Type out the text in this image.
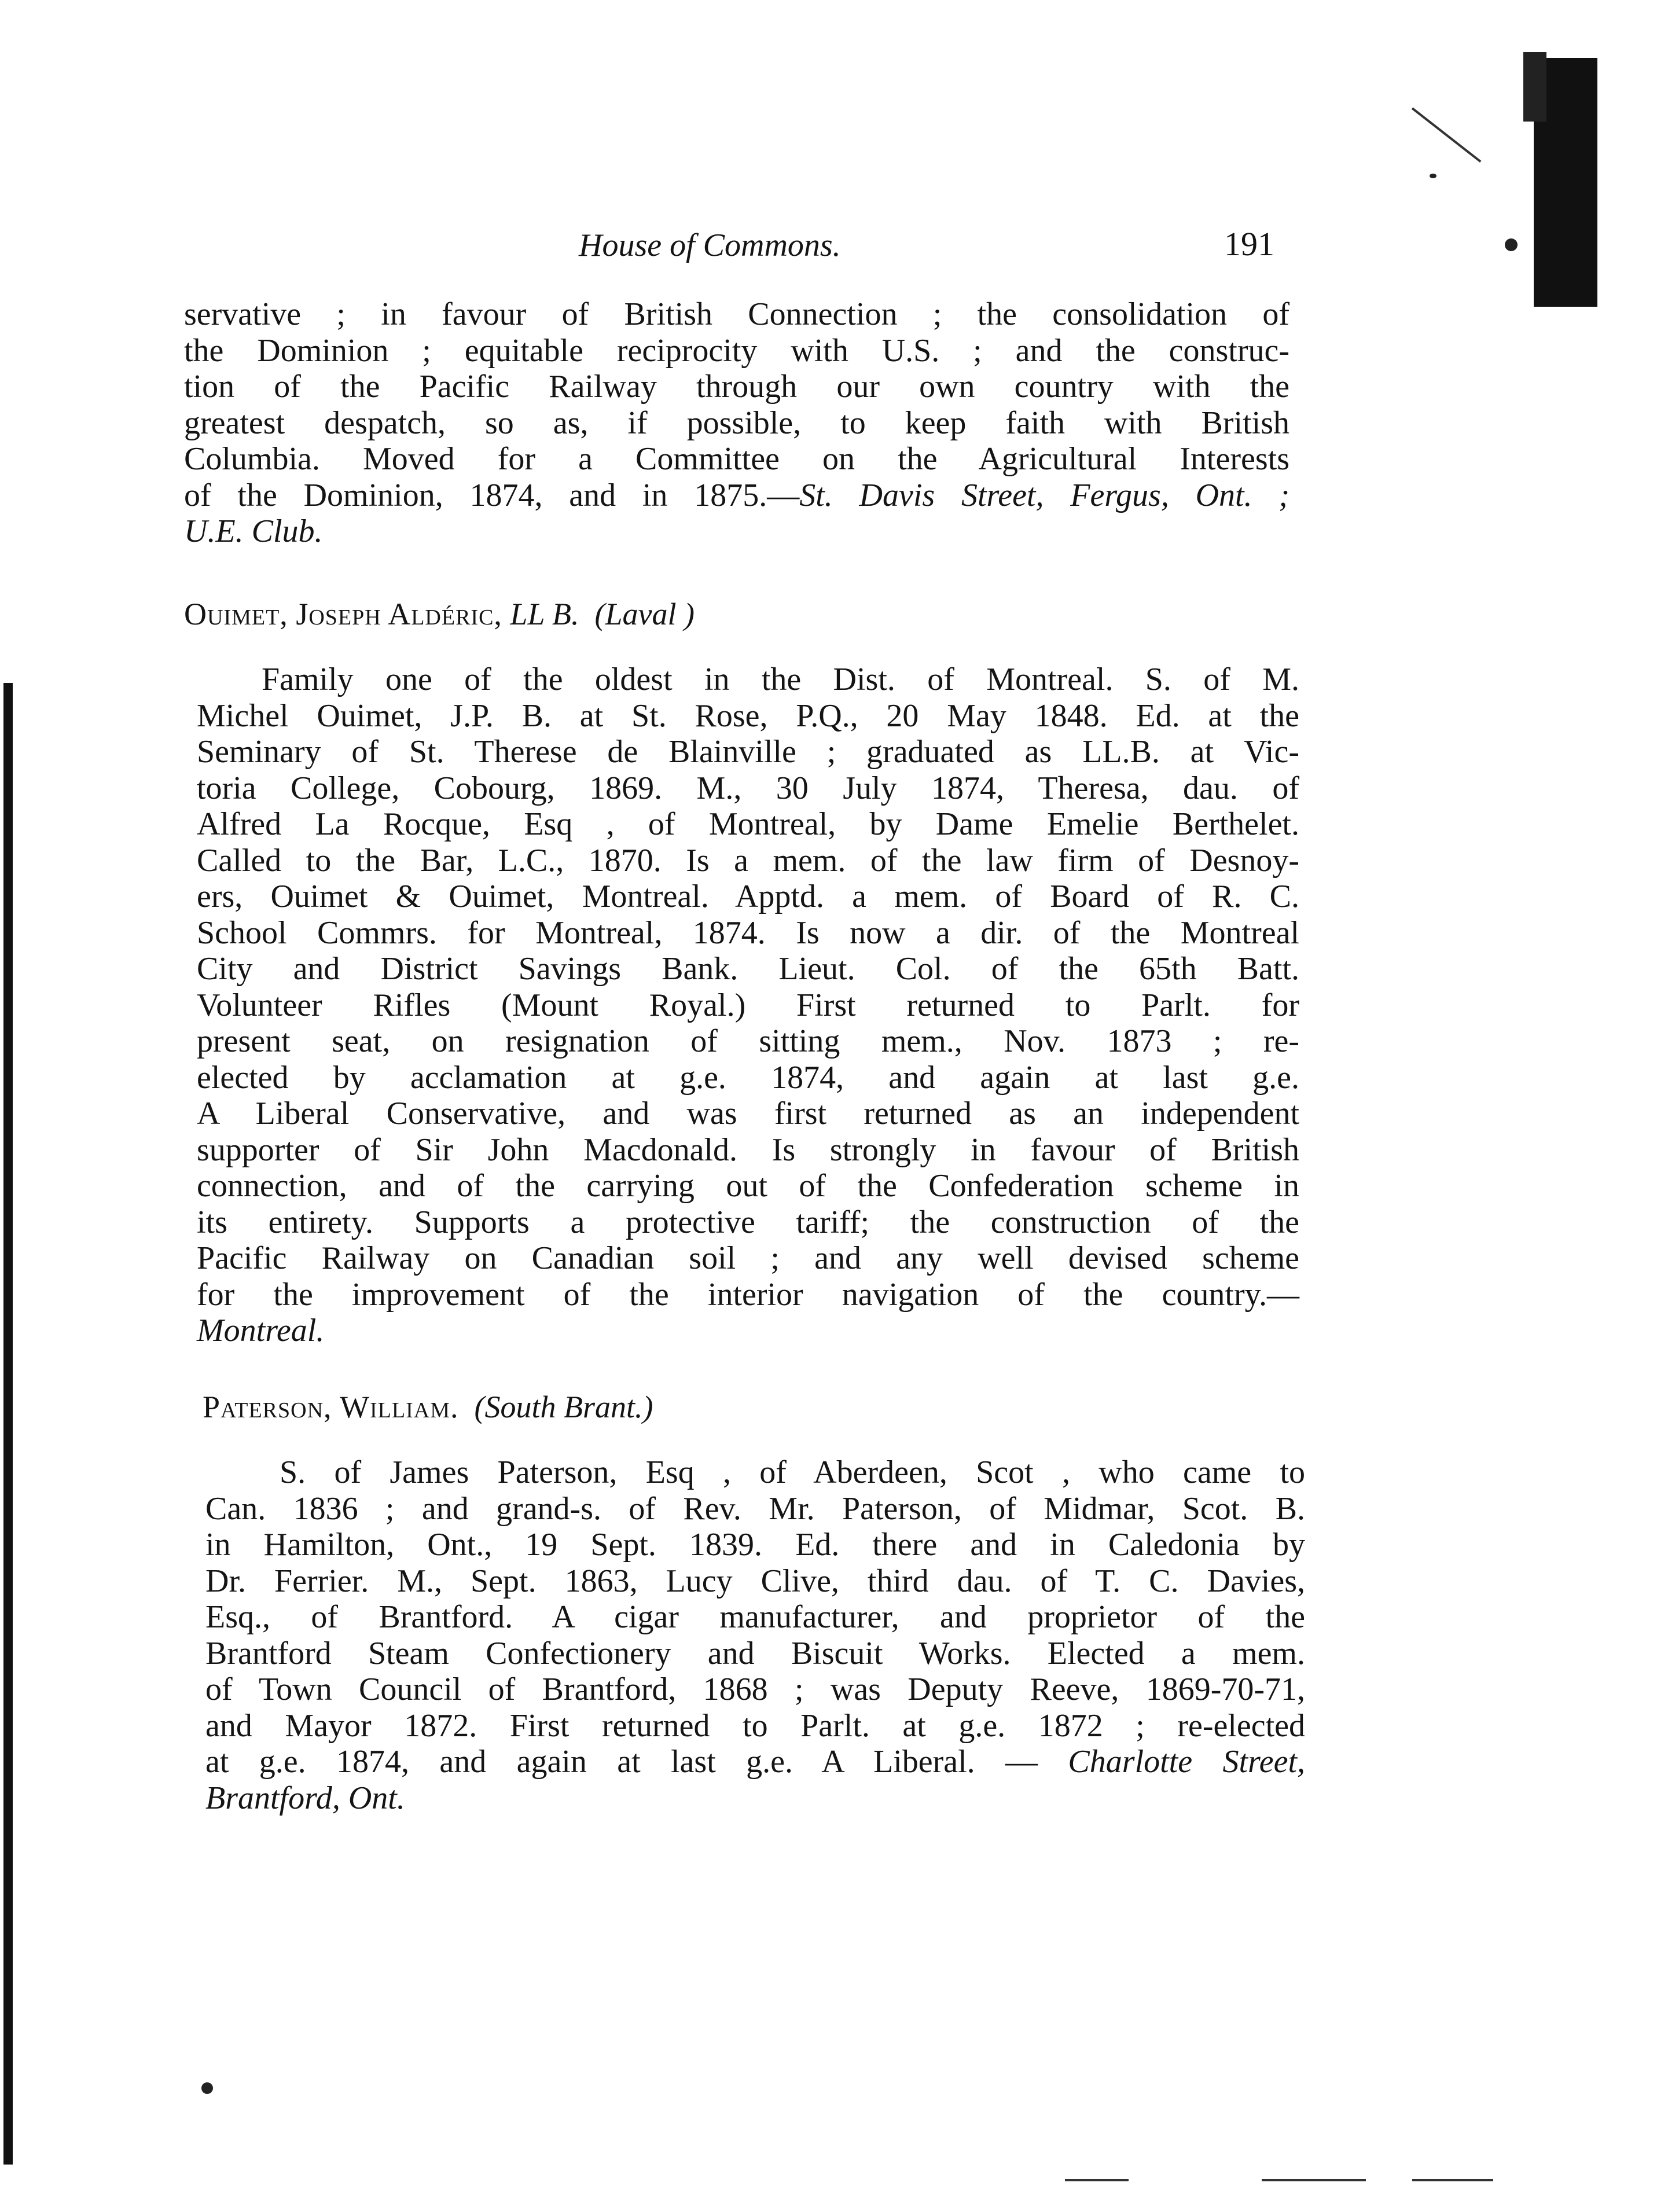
House of Commons.	191
servative ; in favour of British Connection ; the consolidation of
the Dominion ; equitable reciprocity with U.S. ; and the construc-
tion of the Pacific Railway through our own country with the
greatest despatch, so as, if possible, to keep faith with British
Columbia. Moved for a Committee on the Agricultural Interests
of the Dominion, 1874, and in 1875.—St. Davis Street, Fergus, Ont. ;
U.E. Club.
Ouimet, Joseph Aldéric, LL B. (Laval )
Family one of the oldest in the Dist. of Montreal. S. of M.
Michel Ouimet, J.P. B. at St. Rose, P.Q., 20 May 1848. Ed. at the
Seminary of St. Therese de Blainville ; graduated as LL.B. at Vic-
toria College, Cobourg, 1869. M., 30 July 1874, Theresa, dau. of
Alfred La Rocque, Esq , of Montreal, by Dame Emelie Berthelet.
Called to the Bar, L.C., 1870. Is a mem. of the law firm of Desnoy-
ers, Ouimet & Ouimet, Montreal. Apptd. a mem. of Board of R. C.
School Commrs. for Montreal, 1874. Is now a dir. of the Montreal
City and District Savings Bank. Lieut. Col. of the 65th Batt.
Volunteer Rifles (Mount Royal.) First returned to Parlt. for
present seat, on resignation of sitting mem., Nov. 1873 ; re-
elected by acclamation at g.e. 1874, and again at last g.e.
A Liberal Conservative, and was first returned as an independent
supporter of Sir John Macdonald. Is strongly in favour of British
connection, and of the carrying out of the Confederation scheme in
its entirety. Supports a protective tariff; the construction of the
Pacific Railway on Canadian soil ; and any well devised scheme
for the improvement of the interior navigation of the country.—
Montreal.
Paterson, William. (South Brant.)
S. of James Paterson, Esq , of Aberdeen, Scot , who came to
Can. 1836 ; and grand-s. of Rev. Mr. Paterson, of Midmar, Scot. B.
in Hamilton, Ont., 19 Sept. 1839. Ed. there and in Caledonia by
Dr. Ferrier. M., Sept. 1863, Lucy Clive, third dau. of T. C. Davies,
Esq., of Brantford. A cigar manufacturer, and proprietor of the
Brantford Steam Confectionery and Biscuit Works. Elected a mem.
of Town Council of Brantford, 1868 ; was Deputy Reeve, 1869-70-71,
and Mayor 1872. First returned to Parlt. at g.e. 1872 ; re-elected
at g.e. 1874, and again at last g.e. A Liberal. — Charlotte Street,
Brantford, Ont.
